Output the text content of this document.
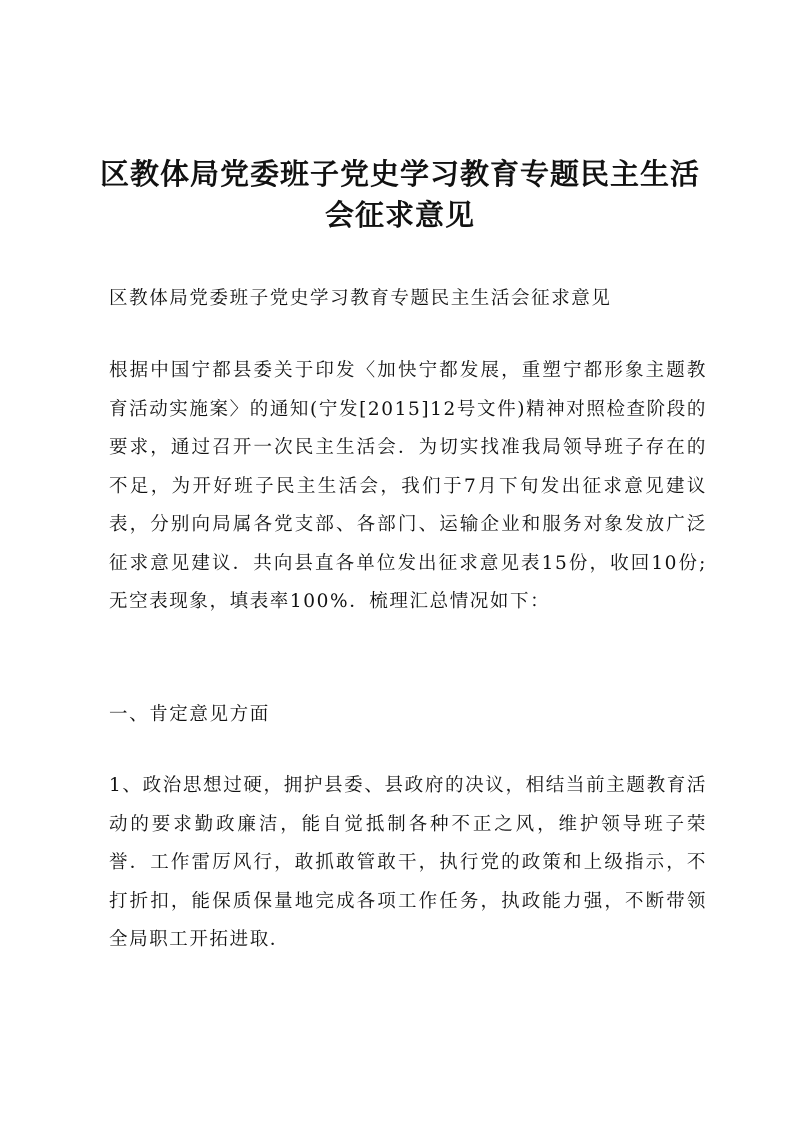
区教体局党委班子党史学习教育专题民主生活会征求意见

区教体局党委班子党史学习教育专题民主生活会征求意见

根据中国宁都县委关于印发〈加快宁都发展，重塑宁都形象主题教育活动实施案〉的通知(宁发[2015]12号文件)精神对照检查阶段的要求，通过召开一次民主生活会．为切实找准我局领导班子存在的不足，为开好班子民主生活会，我们于7月下旬发出征求意见建议表，分别向局属各党支部、各部门、运输企业和服务对象发放广泛征求意见建议．共向县直各单位发出征求意见表15份，收回10份;无空表现象，填表率100%．梳理汇总情况如下：

一、肯定意见方面

1、政治思想过硬，拥护县委、县政府的决议，相结当前主题教育活动的要求勤政廉洁，能自觉抵制各种不正之风，维护领导班子荣誉．工作雷厉风行，敢抓敢管敢干，执行党的政策和上级指示，不打折扣，能保质保量地完成各项工作任务，执政能力强，不断带领全局职工开拓进取．
